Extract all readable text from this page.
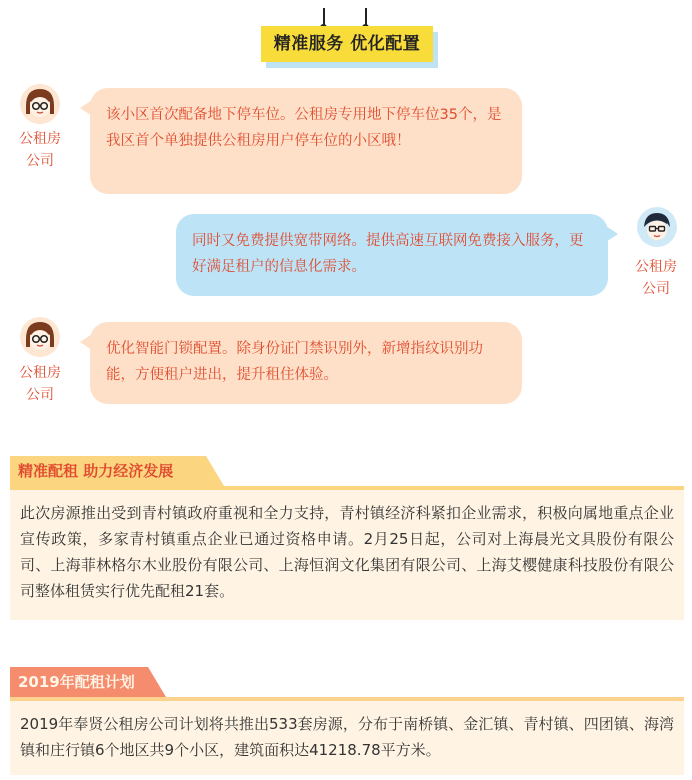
精准服务 优化配置
公租房
公司
该小区首次配备地下停车位。公租房专用地下停车位35个，是我区首个单独提供公租房用户停车位的小区哦！
公租房
公司
同时又免费提供宽带网络。提供高速互联网免费接入服务，更好满足租户的信息化需求。
公租房
公司
优化智能门锁配置。除身份证门禁识别外，新增指纹识别功能，方便租户进出，提升租住体验。
精准配租 助力经济发展
此次房源推出受到青村镇政府重视和全力支持，青村镇经济科紧扣企业需求，积极向属地重点企业宣传政策，多家青村镇重点企业已通过资格申请。2月25日起，公司对上海晨光文具股份有限公司、上海菲林格尔木业股份有限公司、上海恒润文化集团有限公司、上海艾樱健康科技股份有限公司整体租赁实行优先配租21套。
2019年配租计划
2019年奉贤公租房公司计划将共推出533套房源，分布于南桥镇、金汇镇、青村镇、四团镇、海湾镇和庄行镇6个地区共9个小区，建筑面积达41218.78平方米。
